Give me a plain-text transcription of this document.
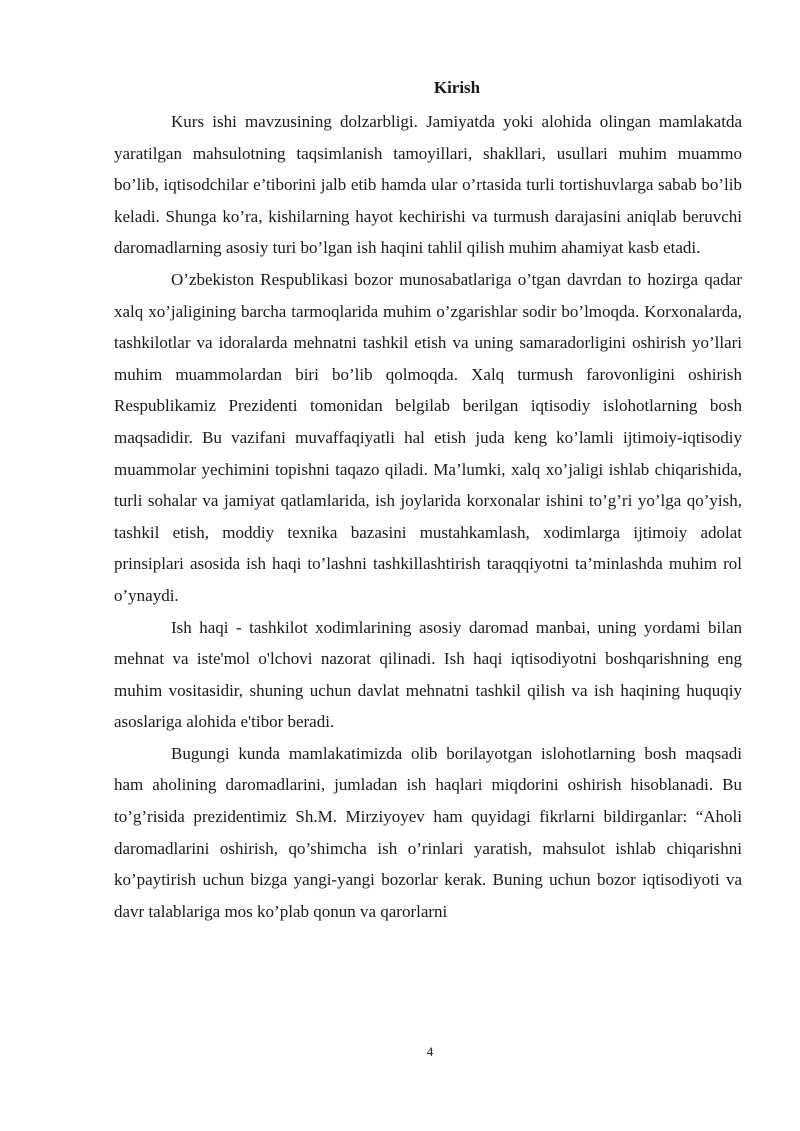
Kirish

Kurs ishi mavzusining dolzarbligi. Jamiyatda yoki alohida olingan mamlakatda yaratilgan mahsulotning taqsimlanish tamoyillari, shakllari, usullari muhim muammo bo’lib, iqtisodchilar e’tiborini jalb etib hamda ular o’rtasida turli tortishuvlarga sabab bo’lib keladi. Shunga ko’ra, kishilarning hayot kechirishi va turmush darajasini aniqlab beruvchi daromadlarning asosiy turi bo’lgan ish haqini tahlil qilish muhim ahamiyat kasb etadi.

O’zbekiston Respublikasi bozor munosabatlariga o’tgan davrdan to hozirga qadar xalq xo’jaligining barcha tarmoqlarida muhim o’zgarishlar sodir bo’lmoqda. Korxonalarda, tashkilotlar va idoralarda mehnatni tashkil etish va uning samaradorligini oshirish yo’llari muhim muammolardan biri bo’lib qolmoqda. Xalq turmush farovonligini oshirish Respublikamiz Prezidenti tomonidan belgilab berilgan iqtisodiy islohotlarning bosh maqsadidir. Bu vazifani muvaffaqiyatli hal etish juda keng ko’lamli ijtimoiy-iqtisodiy muammolar yechimini topishni taqazo qiladi. Ma’lumki, xalq xo’jaligi ishlab chiqarishida, turli sohalar va jamiyat qatlamlarida, ish joylarida korxonalar ishini to’g’ri yo’lga qo’yish, tashkil etish, moddiy texnika bazasini mustahkamlash, xodimlarga ijtimoiy adolat prinsiplari asosida ish haqi to’lashni tashkillashtirish taraqqiyotni ta’minlashda muhim rol o’ynaydi.

Ish haqi - tashkilot xodimlarining asosiy daromad manbai, uning yordami bilan mehnat va iste'mol o'lchovi nazorat qilinadi. Ish haqi iqtisodiyotni boshqarishning eng muhim vositasidir, shuning uchun davlat mehnatni tashkil qilish va ish haqining huquqiy asoslariga alohida e'tibor beradi.

Bugungi kunda mamlakatimizda olib borilayotgan islohotlarning bosh maqsadi ham aholining daromadlarini, jumladan ish haqlari miqdorini oshirish hisoblanadi. Bu to’g’risida prezidentimiz Sh.M. Mirziyoyev ham quyidagi fikrlarni bildirganlar: “Aholi daromadlarini oshirish, qo’shimcha ish o’rinlari yaratish, mahsulot ishlab chiqarishni ko’paytirish uchun bizga yangi-yangi bozorlar kerak. Buning uchun bozor iqtisodiyoti va davr talablariga mos ko’plab qonun va qarorlarni

4
